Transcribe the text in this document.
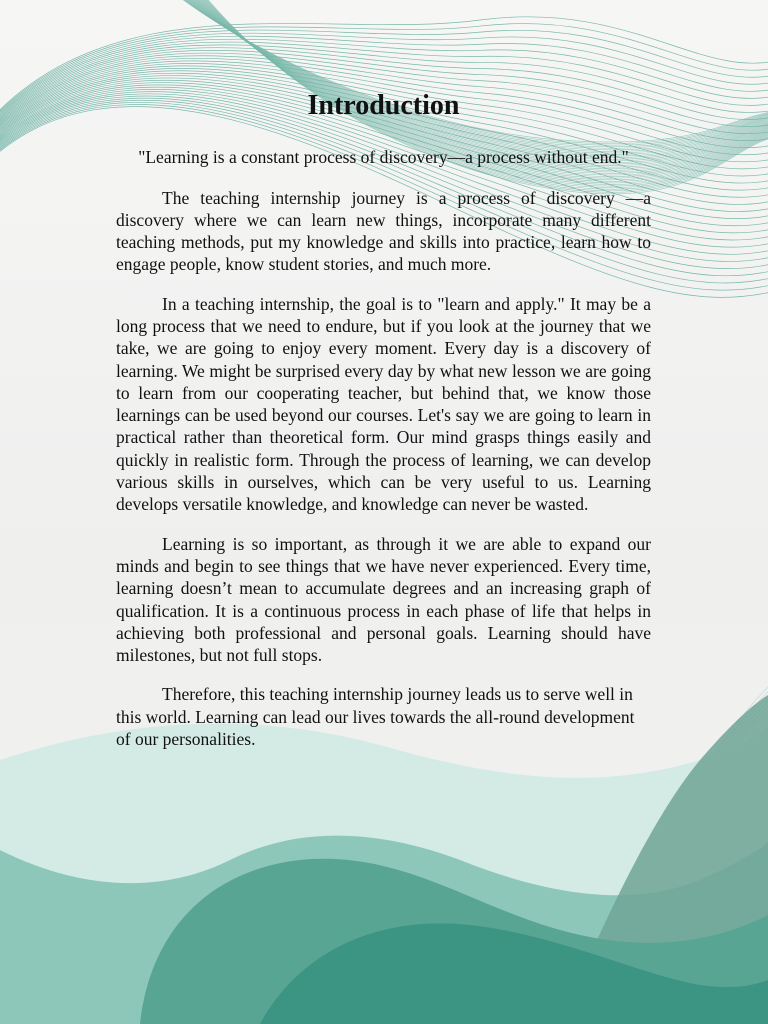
Introduction

"Learning is a constant process of discovery—a process without end."

The teaching internship journey is a process of discovery —a discovery where we can learn new things, incorporate many different teaching methods, put my knowledge and skills into practice, learn how to engage people, know student stories, and much more.

In a teaching internship, the goal is to "learn and apply." It may be a long process that we need to endure, but if you look at the journey that we take, we are going to enjoy every moment. Every day is a discovery of learning. We might be surprised every day by what new lesson we are going to learn from our cooperating teacher, but behind that, we know those learnings can be used beyond our courses. Let's say we are going to learn in practical rather than theoretical form. Our mind grasps things easily and quickly in realistic form. Through the process of learning, we can develop various skills in ourselves, which can be very useful to us. Learning develops versatile knowledge, and knowledge can never be wasted.

Learning is so important, as through it we are able to expand our minds and begin to see things that we have never experienced. Every time, learning doesn’t mean to accumulate degrees and an increasing graph of qualification. It is a continuous process in each phase of life that helps in achieving both professional and personal goals. Learning should have milestones, but not full stops.

Therefore, this teaching internship journey leads us to serve well in this world. Learning can lead our lives towards the all-round development of our personalities.
